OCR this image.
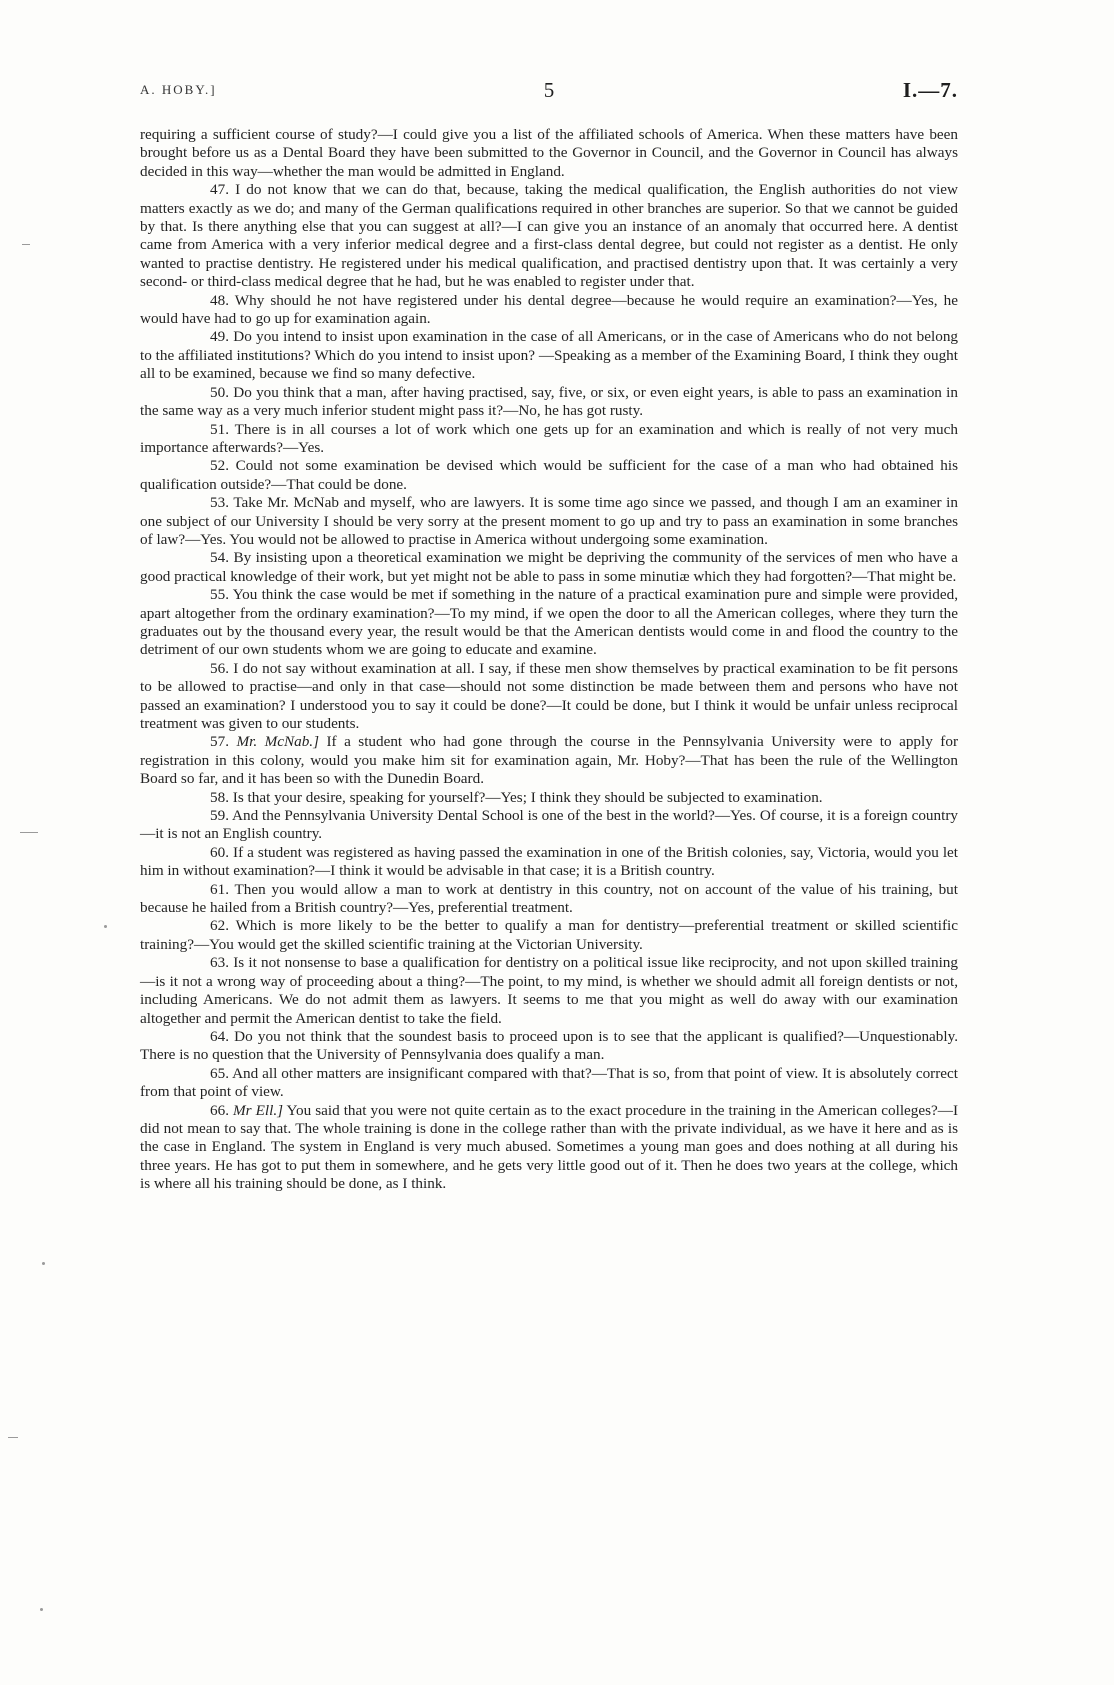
A. HOBY.]	5	I.—7.

requiring a sufficient course of study?—I could give you a list of the affiliated schools of America. When these matters have been brought before us as a Dental Board they have been submitted to the Governor in Council, and the Governor in Council has always decided in this way—whether the man would be admitted in England.

47. I do not know that we can do that, because, taking the medical qualification, the English authorities do not view matters exactly as we do; and many of the German qualifications required in other branches are superior. So that we cannot be guided by that. Is there anything else that you can suggest at all?—I can give you an instance of an anomaly that occurred here. A dentist came from America with a very inferior medical degree and a first-class dental degree, but could not register as a dentist. He only wanted to practise dentistry. He registered under his medical qualification, and practised dentistry upon that. It was certainly a very second- or third-class medical degree that he had, but he was enabled to register under that.

48. Why should he not have registered under his dental degree—because he would require an examination?—Yes, he would have had to go up for examination again.

49. Do you intend to insist upon examination in the case of all Americans, or in the case of Americans who do not belong to the affiliated institutions? Which do you intend to insist upon? —Speaking as a member of the Examining Board, I think they ought all to be examined, because we find so many defective.

50. Do you think that a man, after having practised, say, five, or six, or even eight years, is able to pass an examination in the same way as a very much inferior student might pass it?—No, he has got rusty.

51. There is in all courses a lot of work which one gets up for an examination and which is really of not very much importance afterwards?—Yes.

52. Could not some examination be devised which would be sufficient for the case of a man who had obtained his qualification outside?—That could be done.

53. Take Mr. McNab and myself, who are lawyers. It is some time ago since we passed, and though I am an examiner in one subject of our University I should be very sorry at the present moment to go up and try to pass an examination in some branches of law?—Yes. You would not be allowed to practise in America without undergoing some examination.

54. By insisting upon a theoretical examination we might be depriving the community of the services of men who have a good practical knowledge of their work, but yet might not be able to pass in some minutiæ which they had forgotten?—That might be.

55. You think the case would be met if something in the nature of a practical examination pure and simple were provided, apart altogether from the ordinary examination?—To my mind, if we open the door to all the American colleges, where they turn the graduates out by the thousand every year, the result would be that the American dentists would come in and flood the country to the detriment of our own students whom we are going to educate and examine.

56. I do not say without examination at all. I say, if these men show themselves by practical examination to be fit persons to be allowed to practise—and only in that case—should not some distinction be made between them and persons who have not passed an examination? I understood you to say it could be done?—It could be done, but I think it would be unfair unless reciprocal treatment was given to our students.

57. Mr. McNab.] If a student who had gone through the course in the Pennsylvania University were to apply for registration in this colony, would you make him sit for examination again, Mr. Hoby?—That has been the rule of the Wellington Board so far, and it has been so with the Dunedin Board.

58. Is that your desire, speaking for yourself?—Yes; I think they should be subjected to examination.

59. And the Pennsylvania University Dental School is one of the best in the world?—Yes. Of course, it is a foreign country—it is not an English country.

60. If a student was registered as having passed the examination in one of the British colonies, say, Victoria, would you let him in without examination?—I think it would be advisable in that case; it is a British country.

61. Then you would allow a man to work at dentistry in this country, not on account of the value of his training, but because he hailed from a British country?—Yes, preferential treatment.

62. Which is more likely to be the better to qualify a man for dentistry—preferential treatment or skilled scientific training?—You would get the skilled scientific training at the Victorian University.

63. Is it not nonsense to base a qualification for dentistry on a political issue like reciprocity, and not upon skilled training—is it not a wrong way of proceeding about a thing?—The point, to my mind, is whether we should admit all foreign dentists or not, including Americans. We do not admit them as lawyers. It seems to me that you might as well do away with our examination altogether and permit the American dentist to take the field.

64. Do you not think that the soundest basis to proceed upon is to see that the applicant is qualified?—Unquestionably. There is no question that the University of Pennsylvania does qualify a man.

65. And all other matters are insignificant compared with that?—That is so, from that point of view. It is absolutely correct from that point of view.

66. Mr Ell.] You said that you were not quite certain as to the exact procedure in the training in the American colleges?—I did not mean to say that. The whole training is done in the college rather than with the private individual, as we have it here and as is the case in England. The system in England is very much abused. Sometimes a young man goes and does nothing at all during his three years. He has got to put them in somewhere, and he gets very little good out of it. Then he does two years at the college, which is where all his training should be done, as I think.
